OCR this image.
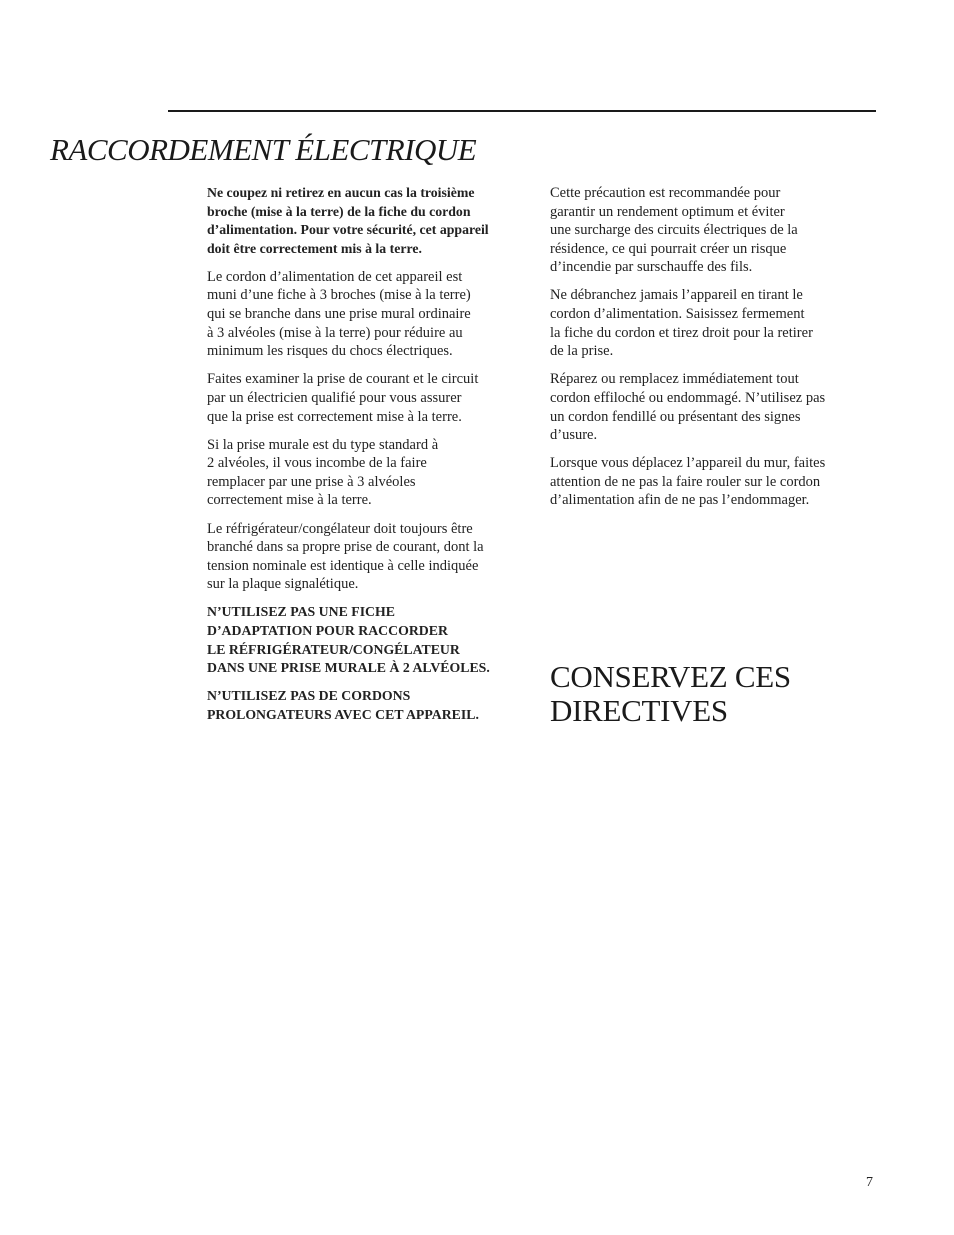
RACCORDEMENT ÉLECTRIQUE

Ne coupez ni retirez en aucun cas la troisième
broche (mise à la terre) de la fiche du cordon
d’alimentation. Pour votre sécurité, cet appareil
doit être correctement mis à la terre.

Le cordon d’alimentation de cet appareil est
muni d’une fiche à 3 broches (mise à la terre)
qui se branche dans une prise mural ordinaire
à 3 alvéoles (mise à la terre) pour réduire au
minimum les risques du chocs électriques.

Faites examiner la prise de courant et le circuit
par un électricien qualifié pour vous assurer
que la prise est correctement mise à la terre.

Si la prise murale est du type standard à
2 alvéoles, il vous incombe de la faire
remplacer par une prise à 3 alvéoles
correctement mise à la terre.

Le réfrigérateur/congélateur doit toujours être
branché dans sa propre prise de courant, dont la
tension nominale est identique à celle indiquée
sur la plaque signalétique.

N’UTILISEZ PAS UNE FICHE
D’ADAPTATION POUR RACCORDER
LE RÉFRIGÉRATEUR/CONGÉLATEUR
DANS UNE PRISE MURALE À 2 ALVÉOLES.

N’UTILISEZ PAS DE CORDONS
PROLONGATEURS AVEC CET APPAREIL.

Cette précaution est recommandée pour
garantir un rendement optimum et éviter
une surcharge des circuits électriques de la
résidence, ce qui pourrait créer un risque
d’incendie par surschauffe des fils.

Ne débranchez jamais l’appareil en tirant le
cordon d’alimentation. Saisissez fermement
la fiche du cordon et tirez droit pour la retirer
de la prise.

Réparez ou remplacez immédiatement tout
cordon effiloché ou endommagé. N’utilisez pas
un cordon fendillé ou présentant des signes
d’usure.

Lorsque vous déplacez l’appareil du mur, faites
attention de ne pas la faire rouler sur le cordon
d’alimentation afin de ne pas l’endommager.

CONSERVEZ CES
DIRECTIVES
7
